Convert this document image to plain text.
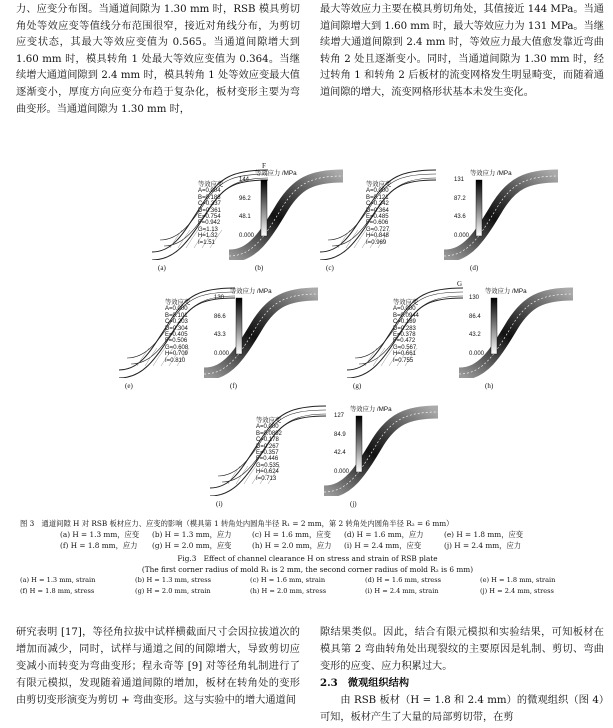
力、应变分布图。当通道间隙为 1.30 mm 时，RSB 模具剪切角处等效应变等值线分布范围很窄，接近对角线分布，为剪切应变状态，其最大等效应变值为 0.565。当通道间隙增大到 1.60 mm 时，模具转角 1 处最大等效应变值为 0.364。当继续增大通道间隙到 2.4 mm 时，模具转角 1 处等效应变最大值逐渐变小，厚度方向应变分布趋于复杂化，板材变形主要为弯曲变形。当通道间隙为 1.30 mm 时，
最大等效应力主要在模具剪切角处，其值接近 144 MPa。当通道间隙增大到 1.60 mm 时，最大等效应力为 131 MPa。当继续增大通道间隙到 2.4 mm 时，等效应力最大值愈发靠近弯曲转角 2 处且逐渐变小。同时，当通道间隙为 1.30 mm 时，经过转角 1 和转角 2 后板材的流变网格发生明显畸变，而随着通道间隙的增大，流变网格形状基本未发生变化。
F
等效应变
A=0.004
B=0.188
C=0.337
D=0.361
E=0.754
F=0.942
G=1.13
H=1.32
I=1.51
(a)
等效应变
A=0.000
B=0.121
C=0.242
D=0.364
E=0.485
F=0.606
G=0.727
H=0.848
I=0.969
(c)
等效应变
A=0.000
B=0.101
C=0.203
D=0.304
E=0.405
F=0.506
G=0.608
H=0.709
I=0.810
(e)
G
等效应变
A=0.000
B=0.0944
C=0.189
D=0.283
E=0.378
F=0.472
G=0.567
H=0.661
I=0.755
(g)
等效应变
A=0.000
B=0.0892
C=0.178
D=0.267
E=0.357
F=0.446
G=0.535
H=0.624
I=0.713
(i)
等效应力 /MPa
144
96.2
48.1
0.000
(b)
等效应力 /MPa
131
87.2
43.6
0.000
(d)
等效应力 /MPa
130
86.6
43.3
0.000
(f)
等效应力 /MPa
130
86.4
43.2
0.000
(h)
等效应力 /MPa
127
84.9
42.4
0.000
(j)
图 3　通道间隙 H 对 RSB 板材应力、应变的影响（模具第 1 转角处内圆角半径 R₁ = 2 mm，第 2 转角处内圆角半径 R₂ = 6 mm）
(a) H = 1.3 mm，应变 (b) H = 1.3 mm，应力	(c) H = 1.6 mm，应变 (d) H = 1.6 mm，应力	(e) H = 1.8 mm，应变
(f) H = 1.8 mm，应力 (g) H = 2.0 mm，应变	(h) H = 2.0 mm，应力 (i) H = 2.4 mm，应变	(j) H = 2.4 mm，应力
Fig.3　Effect of channel clearance H on stress and strain of RSB plate
(The first corner radius of mold R₁ is 2 mm, the second corner radius of mold R₂ is 6 mm)
(a) H = 1.3 mm, strain	(b) H = 1.3 mm, stress	(c) H = 1.6 mm, strain	(d) H = 1.6 mm, stress	(e) H = 1.8 mm, strain
(f) H = 1.8 mm, stress	(g) H = 2.0 mm, strain	(h) H = 2.0 mm, stress	(i) H = 2.4 mm, strain	(j) H = 2.4 mm, stress
研究表明 [17]，等径角拉拔中试样横截面尺寸会因拉拔道次的增加而减少，同时，试样与通道之间的间隙增大，导致剪切应变减小而转变为弯曲变形；程永奇等 [9] 对等径角轧制进行了有限元模拟，发现随着通道间隙的增加，板材在转角处的变形由剪切变形演变为剪切 + 弯曲变形。这与实验中的增大通道间
隙结果类似。因此，结合有限元模拟和实验结果，可知板材在模具第 2 弯曲转角处出现裂纹的主要原因是轧制、剪切、弯曲变形的应变、应力积累过大。
2.3　微观组织结构
由 RSB 板材（H = 1.8 和 2.4 mm）的微观组织（图 4）可知，板材产生了大量的局部剪切带，在剪
